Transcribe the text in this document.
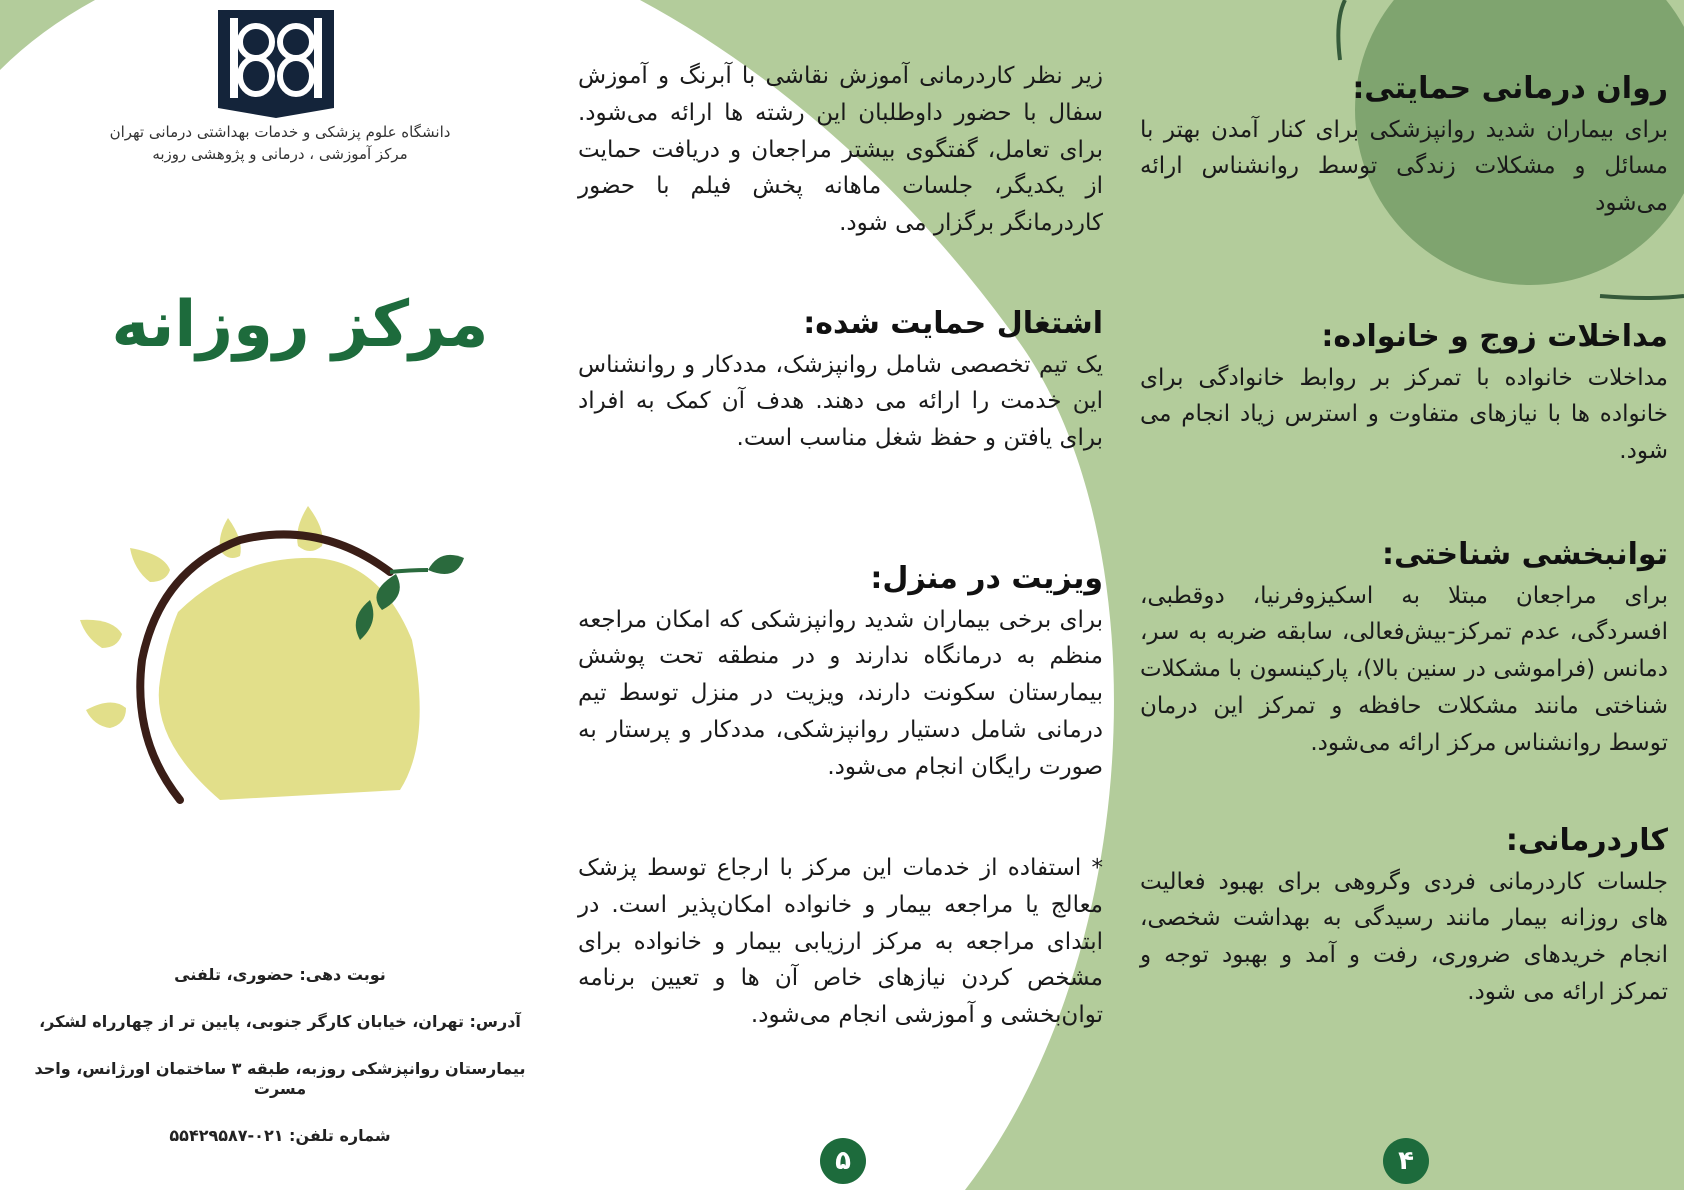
دانشگاه علوم پزشکی و خدمات بهداشتی درمانی تهران
مرکز آموزشی ، درمانی و پژوهشی روزبه
مرکز روزانه
نوبت دهی: حضوری، تلفنی
آدرس: تهران، خیابان کارگر جنوبی، پایین تر از چهارراه لشکر،
بیمارستان روانپزشکی روزبه، طبقه ۳ ساختمان اورژانس، واحد مسرت
شماره تلفن: ۰۲۱-۵۵۴۲۹۵۸۷

زیر نظر کاردرمانی آموزش نقاشی با آبرنگ و آموزش سفال با حضور داوطلبان این رشته ها ارائه می‌شود. برای تعامل، گفتگوی بیشتر مراجعان و دریافت حمایت از یکدیگر، جلسات ماهانه پخش فیلم با حضور کاردرمانگر برگزار می شود.

اشتغال حمایت شده:

یک تیم تخصصی شامل روانپزشک، مددکار و روانشناس این خدمت را ارائه می دهند. هدف آن کمک به افراد برای یافتن و حفظ شغل مناسب است.

ویزیت در منزل:

برای برخی بیماران شدید روانپزشکی که امکان مراجعه منظم به درمانگاه ندارند و در منطقه تحت پوشش بیمارستان سکونت دارند، ویزیت در منزل توسط تیم درمانی شامل دستیار روانپزشکی، مددکار و پرستار به صورت رایگان انجام می‌شود.

* استفاده از خدمات این مرکز با ارجاع توسط پزشک معالج یا مراجعه بیمار و خانواده امکان‌پذیر است. در ابتدای مراجعه به مرکز ارزیابی بیمار و خانواده برای مشخص کردن نیازهای خاص آن ها و تعیین برنامه توان‌بخشی و آموزشی انجام می‌شود.

۵
روان درمانی حمایتی:

برای بیماران شدید روانپزشکی برای کنار آمدن بهتر با مسائل و مشکلات زندگی توسط روانشناس ارائه می‌شود

مداخلات زوج و خانواده:

مداخلات خانواده با تمرکز بر روابط خانوادگی برای خانواده ها با نیازهای متفاوت و استرس زیاد انجام می شود.

توانبخشی شناختی:

برای مراجعان مبتلا به اسکیزوفرنیا، دوقطبی، افسردگی، عدم تمرکز-بیش‌فعالی، سابقه ضربه به سر، دمانس (فراموشی در سنین بالا)، پارکینسون با مشکلات شناختی مانند مشکلات حافظه و تمرکز این درمان توسط روانشناس مرکز ارائه می‌شود.

کاردرمانی:

جلسات کاردرمانی فردی وگروهی برای بهبود فعالیت های روزانه بیمار مانند رسیدگی به بهداشت شخصی، انجام خریدهای ضروری، رفت و آمد و بهبود توجه و تمرکز ارائه می شود.

۴
